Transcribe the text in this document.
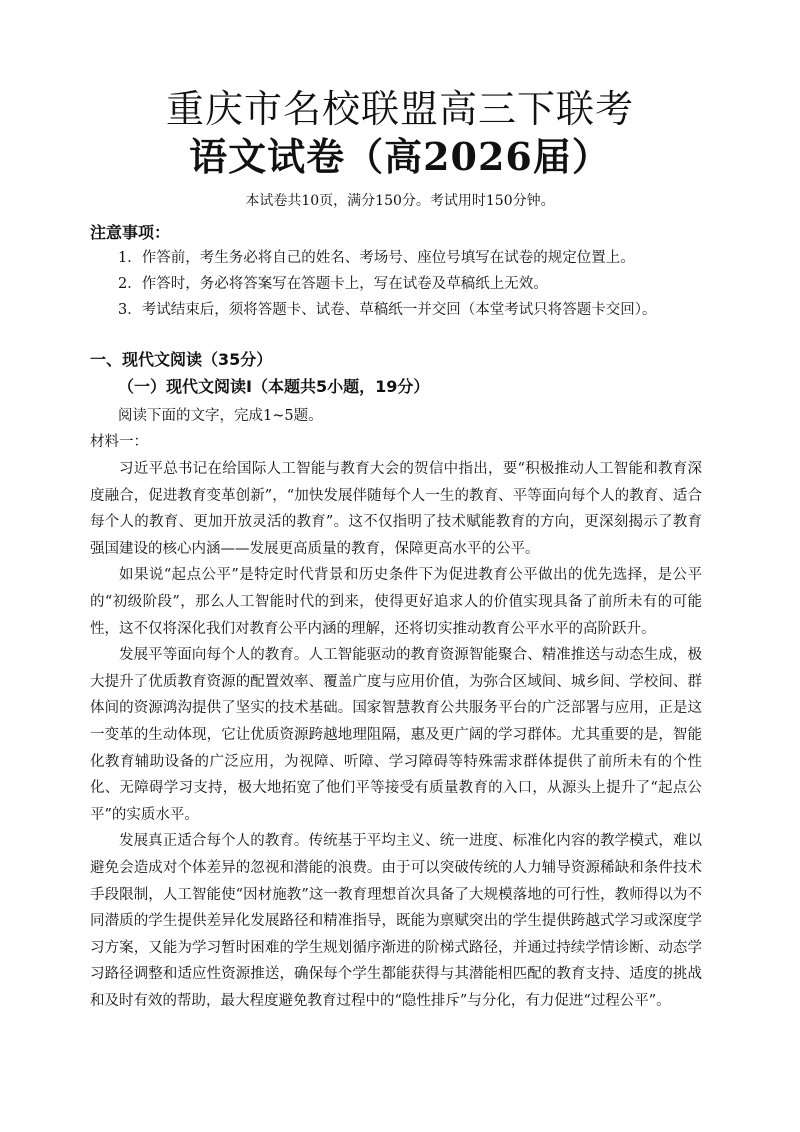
重庆市名校联盟高三下联考
语文试卷（高2026届）
本试卷共10页，满分150分。考试用时150分钟。
注意事项：
1．作答前，考生务必将自己的姓名、考场号、座位号填写在试卷的规定位置上。
2．作答时，务必将答案写在答题卡上，写在试卷及草稿纸上无效。
3．考试结束后，须将答题卡、试卷、草稿纸一并交回（本堂考试只将答题卡交回）。
一、现代文阅读（35分）
（一）现代文阅读Ⅰ（本题共5小题，19分）
阅读下面的文字，完成1~5题。
材料一：

习近平总书记在给国际人工智能与教育大会的贺信中指出，要“积极推动人工智能和教育深度融合，促进教育变革创新”，“加快发展伴随每个人一生的教育、平等面向每个人的教育、适合每个人的教育、更加开放灵活的教育”。这不仅指明了技术赋能教育的方向，更深刻揭示了教育强国建设的核心内涵——发展更高质量的教育，保障更高水平的公平。

如果说“起点公平”是特定时代背景和历史条件下为促进教育公平做出的优先选择，是公平的“初级阶段”，那么人工智能时代的到来，使得更好追求人的价值实现具备了前所未有的可能性，这不仅将深化我们对教育公平内涵的理解，还将切实推动教育公平水平的高阶跃升。

发展平等面向每个人的教育。人工智能驱动的教育资源智能聚合、精准推送与动态生成，极大提升了优质教育资源的配置效率、覆盖广度与应用价值，为弥合区域间、城乡间、学校间、群体间的资源鸿沟提供了坚实的技术基础。国家智慧教育公共服务平台的广泛部署与应用，正是这一变革的生动体现，它让优质资源跨越地理阻隔，惠及更广阔的学习群体。尤其重要的是，智能化教育辅助设备的广泛应用，为视障、听障、学习障碍等特殊需求群体提供了前所未有的个性化、无障碍学习支持，极大地拓宽了他们平等接受有质量教育的入口，从源头上提升了“起点公平”的实质水平。

发展真正适合每个人的教育。传统基于平均主义、统一进度、标准化内容的教学模式，难以避免会造成对个体差异的忽视和潜能的浪费。由于可以突破传统的人力辅导资源稀缺和条件技术手段限制，人工智能使“因材施教”这一教育理想首次具备了大规模落地的可行性，教师得以为不同潜质的学生提供差异化发展路径和精准指导，既能为禀赋突出的学生提供跨越式学习或深度学习方案，又能为学习暂时困难的学生规划循序渐进的阶梯式路径，并通过持续学情诊断、动态学习路径调整和适应性资源推送，确保每个学生都能获得与其潜能相匹配的教育支持、适度的挑战和及时有效的帮助，最大程度避免教育过程中的“隐性排斥”与分化，有力促进“过程公平”。
